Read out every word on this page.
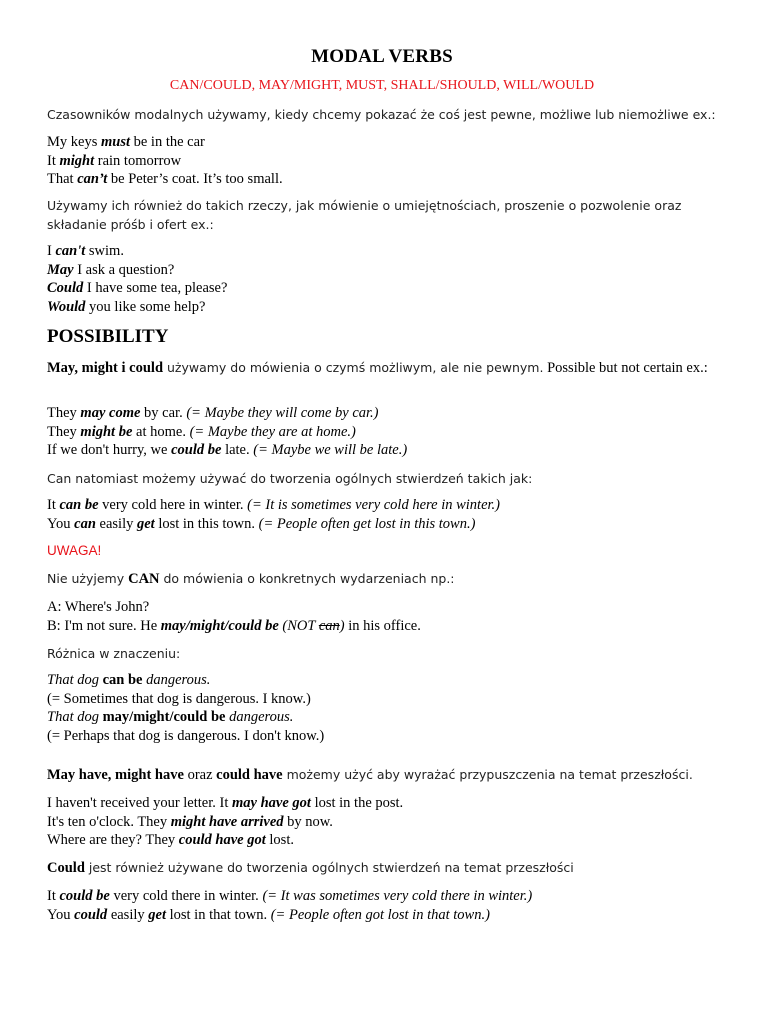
MODAL VERBS
CAN/COULD, MAY/MIGHT, MUST, SHALL/SHOULD, WILL/WOULD
Czasowników modalnych używamy, kiedy chcemy pokazać że coś jest pewne, możliwe lub niemożliwe ex.:
My keys must be in the car
It might rain tomorrow
That can’t be Peter’s coat. It’s too small.
Używamy ich również do takich rzeczy, jak mówienie o umiejętnościach, proszenie o pozwolenie oraz składanie próśb i ofert ex.:
I can't swim.
May I ask a question?
Could I have some tea, please?
Would you like some help?
POSSIBILITY
May, might i could używamy do mówienia o czymś możliwym, ale nie pewnym. Possible but not certain ex.:
They may come by car. (= Maybe they will come by car.)
They might be at home. (= Maybe they are at home.)
If we don't hurry, we could be late. (= Maybe we will be late.)
Can natomiast możemy używać do tworzenia ogólnych stwierdzeń takich jak:
It can be very cold here in winter. (= It is sometimes very cold here in winter.)
You can easily get lost in this town. (= People often get lost in this town.)
UWAGA!
Nie użyjemy CAN do mówienia o konkretnych wydarzeniach np.:
A: Where's John?
B: I'm not sure. He may/might/could be (NOT can) in his office.
Różnica w znaczeniu:
That dog can be dangerous.
(= Sometimes that dog is dangerous. I know.)
That dog may/might/could be dangerous.
(= Perhaps that dog is dangerous. I don't know.)
May have, might have oraz could have możemy użyć aby wyrażać przypuszczenia na temat przeszłości.
I haven't received your letter. It may have got lost in the post.
It's ten o'clock. They might have arrived by now.
Where are they? They could have got lost.
Could jest również używane do tworzenia ogólnych stwierdzeń na temat przeszłości
It could be very cold there in winter. (= It was sometimes very cold there in winter.)
You could easily get lost in that town. (= People often got lost in that town.)
